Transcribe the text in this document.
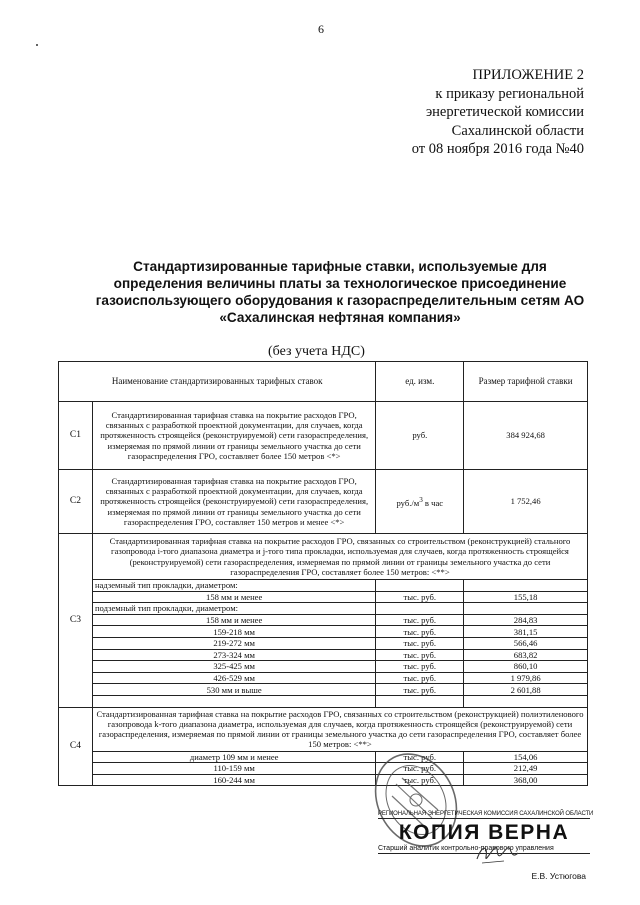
6
ПРИЛОЖЕНИЕ 2
к приказу региональной
энергетической комиссии
Сахалинской области
от 08 ноября 2016 года №40
Стандартизированные тарифные ставки, используемые для определения величины платы за технологическое присоединение газоиспользующего оборудования к газораспределительным сетям АО «Сахалинская нефтяная компания»
(без учета НДС)
Наименование стандартизированных тарифных ставок		ед. изм.	Размер тарифной ставки
С1	Стандартизированная тарифная ставка на покрытие расходов ГРО, связанных с разработкой проектной документации, для случаев, когда протяженность строящейся (реконструируемой) сети газораспределения, измеряемая по прямой линии от границы земельного участка до сети газораспределения ГРО, составляет более 150 метров <*>	руб.	384 924,68
С2	Стандартизированная тарифная ставка на покрытие расходов ГРО, связанных с разработкой проектной документации, для случаев, когда протяженность строящейся (реконструируемой) сети газораспределения, измеряемая по прямой линии от границы земельного участка до сети газораспределения ГРО, составляет 150 метров и менее <*>	$руб./м^3$ в час	1 752,46
С3	Стандартизированная тарифная ставка на покрытие расходов ГРО, связанных со строительством (реконструкцией) стального газопровода i-того диапазона диаметра и j-того типа прокладки, используемая для случаев, когда протяженность строящейся (реконструируемой) сети газораспределения, измеряемая по прямой линии от границы земельного участка до сети газораспределения ГРО, составляет более 150 метров: <**>		
	надземный тип прокладки, диаметром:		
	158 мм и менее	тыс. руб.	155,18
	подземный тип прокладки, диаметром:		
	158 мм и менее	тыс. руб.	284,83
	159-218 мм	тыс. руб.	381,15
	219-272 мм	тыс. руб.	566,46
	273-324 мм	тыс. руб.	683,82
	325-425 мм	тыс. руб.	860,10
	426-529 мм	тыс. руб.	1 979,86
	530 мм и выше	тыс. руб.	2 601,88

С4	Стандартизированная тарифная ставка на покрытие расходов ГРО, связанных со строительством (реконструкцией) полиэтиленового газопровода k-того диапазона диаметра, используемая для случаев, когда протяженность строящейся (реконструируемой) сети газораспределения, измеряемая по прямой линии от границы земельного участка до сети газораспределения ГРО, составляет более 150 метров: <**>		
	диаметр 109 мм и менее	тыс. руб.	154,06
	110-159 мм	тыс. руб.	212,49
	160-244 мм	тыс. руб.	368,00
РЕГИОНАЛЬНАЯ ЭНЕРГЕТИЧЕСКАЯ КОМИССИЯ САХАЛИНСКОЙ ОБЛАСТИ
КОПИЯ ВЕРНА
Старший аналитик контрольно-правового управления
Е.В. Устюгова
